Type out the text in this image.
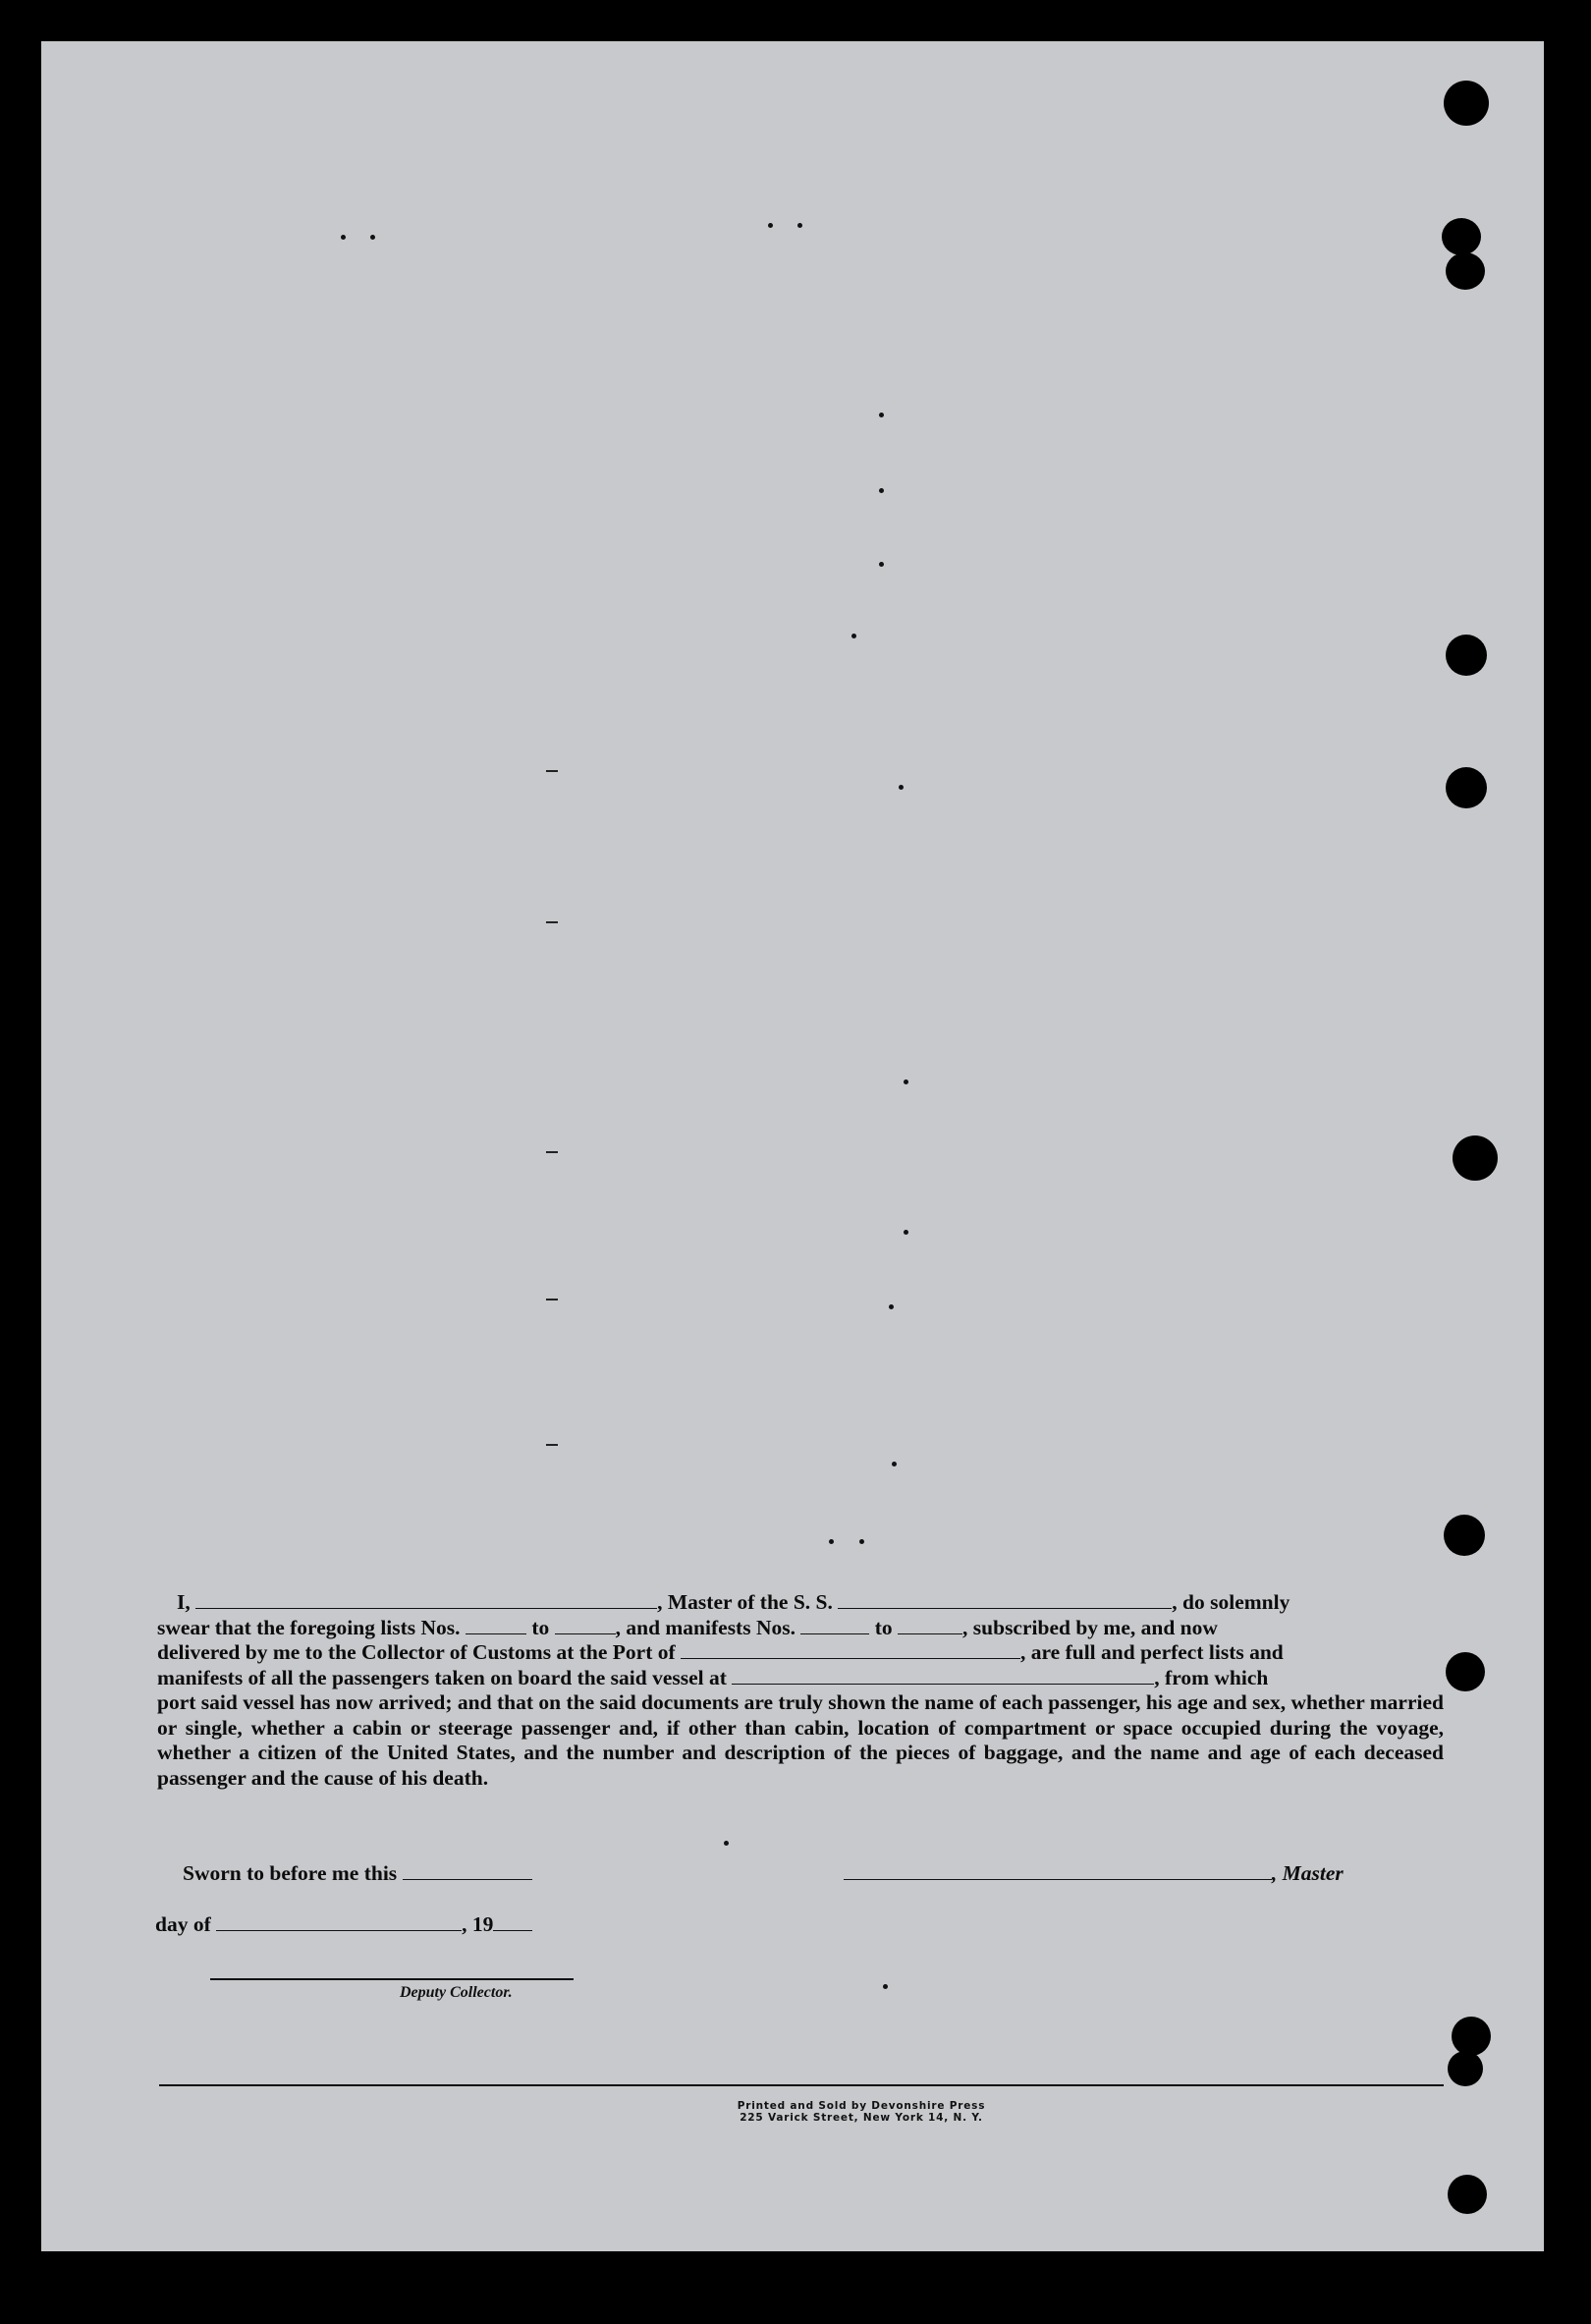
I,	, Master of the S. S.	, do solemnly

swear that the foregoing lists Nos.	to	, and manifests Nos.	to	, subscribed by me, and now

delivered by me to the Collector of Customs at the Port of	, are full and perfect lists and

manifests of all the passengers taken on board the said vessel at	, from which

port said vessel has now arrived; and that on the said documents are truly shown the name of each passenger, his age and sex, whether married or single, whether a cabin or steerage passenger and, if other than cabin, location of compartment or space occupied during the voyage, whether a citizen of the United States, and the number and description of the pieces of baggage, and the name and age of each deceased passenger and the cause of his death.

Sworn to before me this	, Master
day of	, 19
Deputy Collector.
Printed and Sold by Devonshire Press
225 Varick Street, New York 14, N. Y.
